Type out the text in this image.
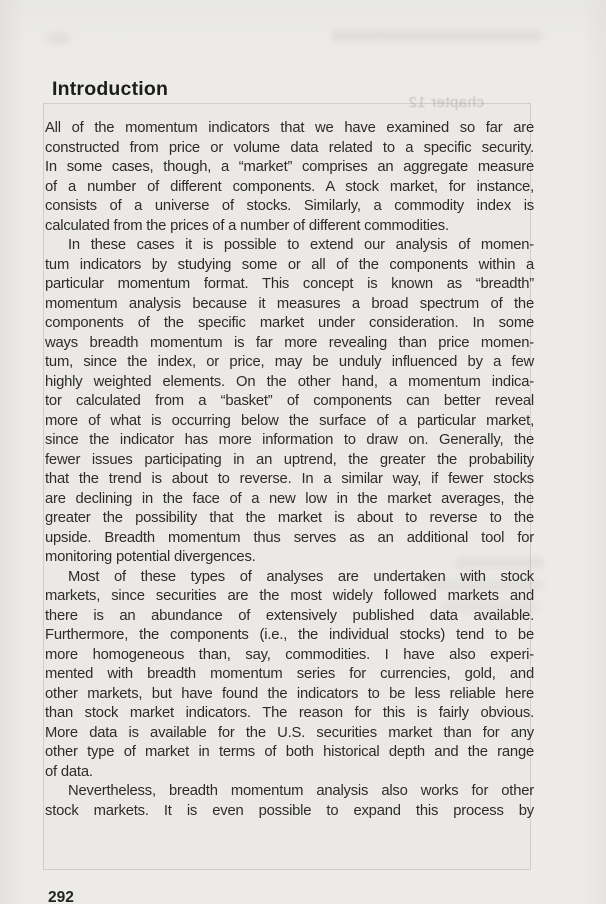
chapter 12
Introduction
All of the momentum indicators that we have examined so far are
constructed from price or volume data related to a specific security.
In some cases, though, a “market” comprises an aggregate measure
of a number of different components. A stock market, for instance,
consists of a universe of stocks. Similarly, a commodity index is
calculated from the prices of a number of different commodities.
In these cases it is possible to extend our analysis of momen-
tum indicators by studying some or all of the components within a
particular momentum format. This concept is known as “breadth”
momentum analysis because it measures a broad spectrum of the
components of the specific market under consideration. In some
ways breadth momentum is far more revealing than price momen-
tum, since the index, or price, may be unduly influenced by a few
highly weighted elements. On the other hand, a momentum indica-
tor calculated from a “basket” of components can better reveal
more of what is occurring below the surface of a particular market,
since the indicator has more information to draw on. Generally, the
fewer issues participating in an uptrend, the greater the probability
that the trend is about to reverse. In a similar way, if fewer stocks
are declining in the face of a new low in the market averages, the
greater the possibility that the market is about to reverse to the
upside. Breadth momentum thus serves as an additional tool for
monitoring potential divergences.
Most of these types of analyses are undertaken with stock
markets, since securities are the most widely followed markets and
there is an abundance of extensively published data available.
Furthermore, the components (i.e., the individual stocks) tend to be
more homogeneous than, say, commodities. I have also experi-
mented with breadth momentum series for currencies, gold, and
other markets, but have found the indicators to be less reliable here
than stock market indicators. The reason for this is fairly obvious.
More data is available for the U.S. securities market than for any
other type of market in terms of both historical depth and the range
of data.
Nevertheless, breadth momentum analysis also works for other
stock markets. It is even possible to expand this process by
292
